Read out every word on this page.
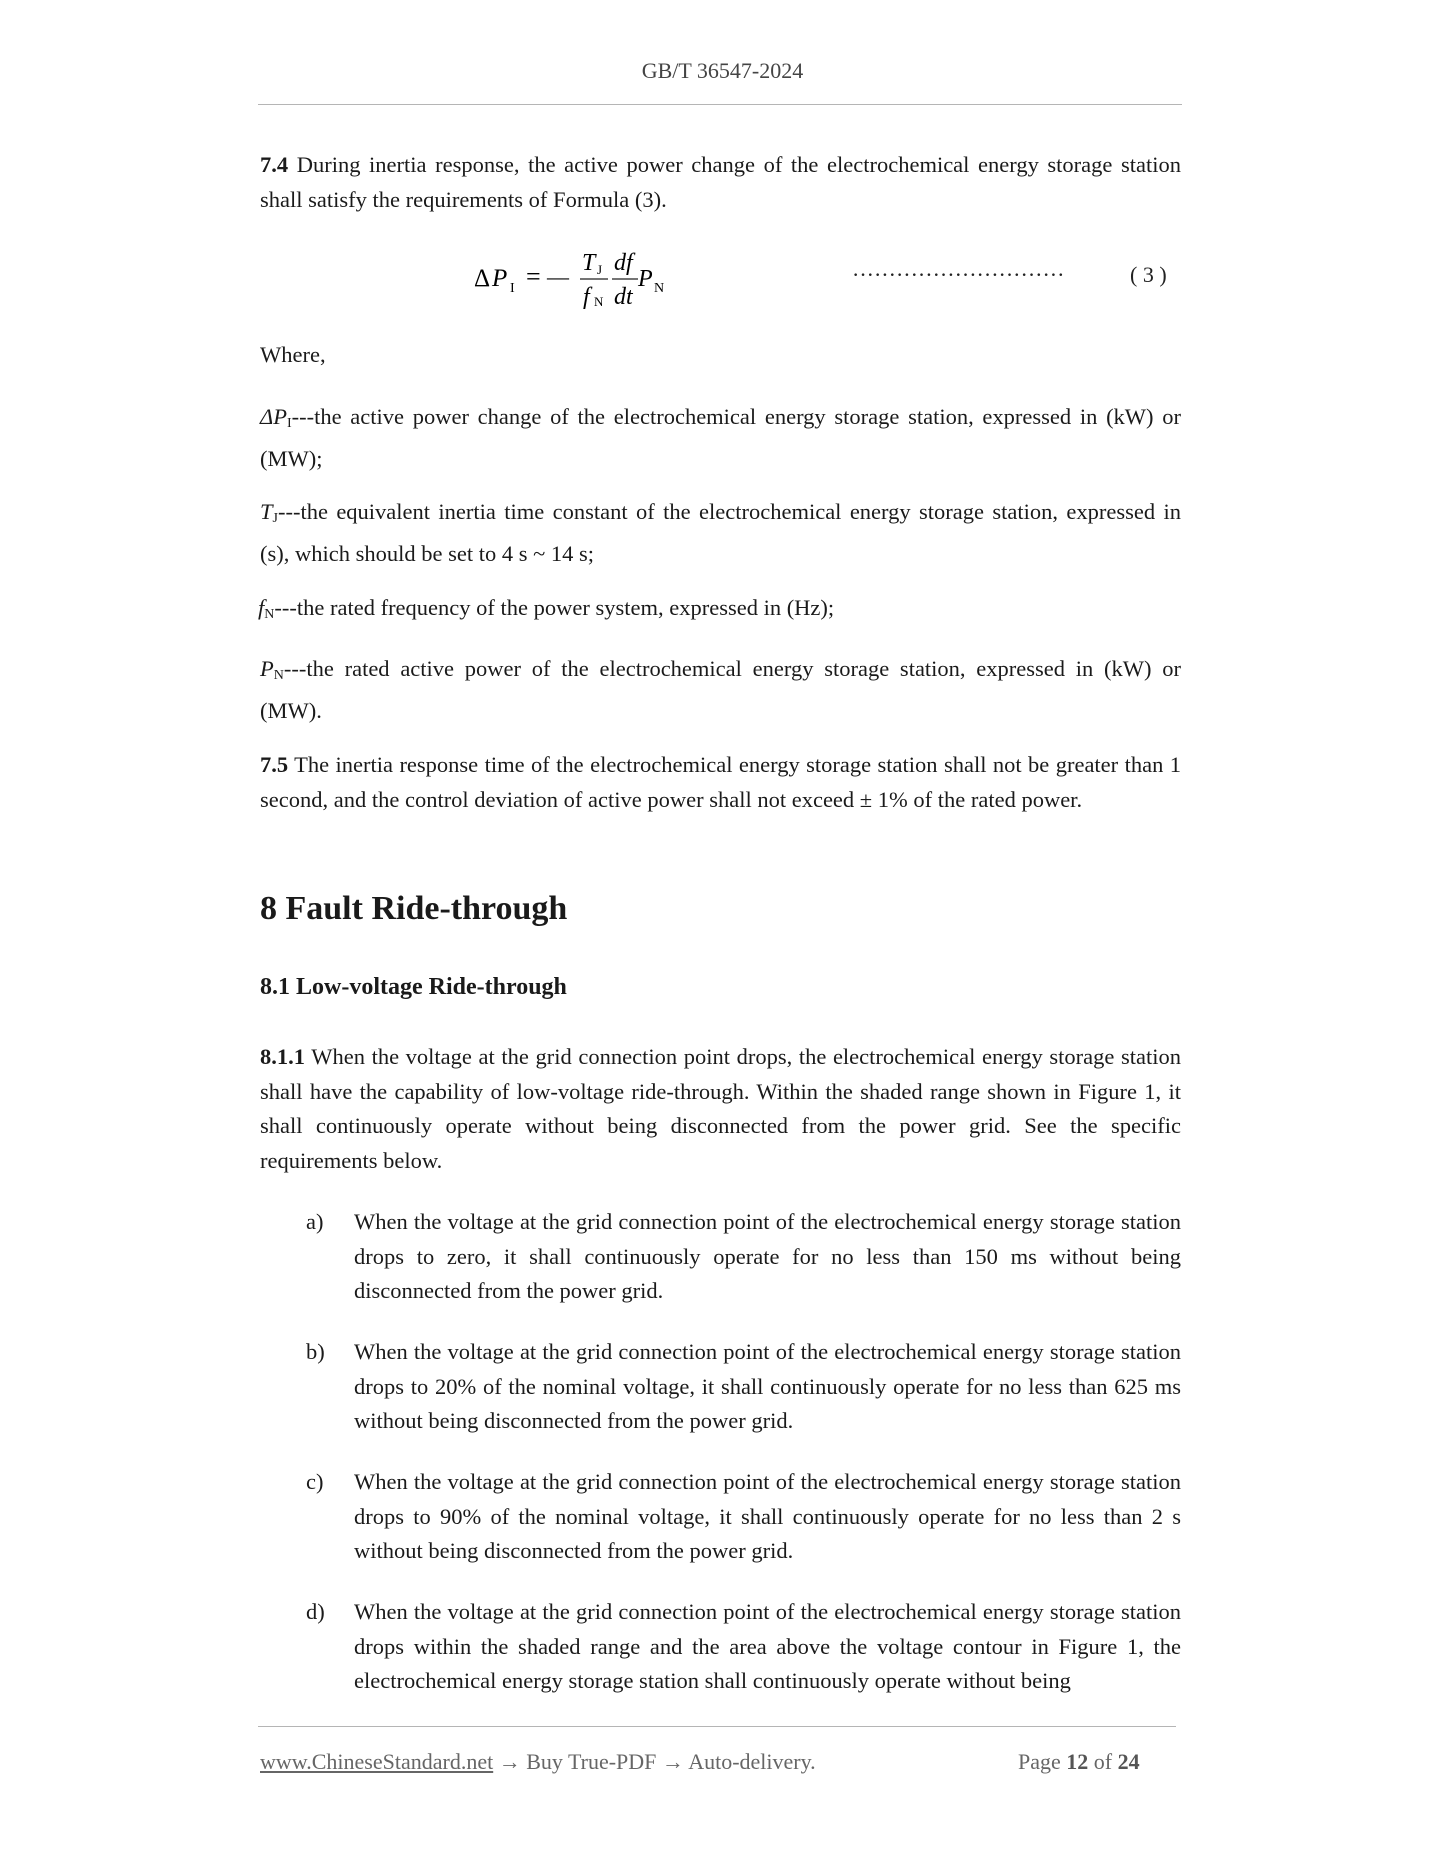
GB/T 36547-2024
7.4 During inertia response, the active power change of the electrochemical energy storage station shall satisfy the requirements of Formula (3).
Δ P I = —
T J df
f N dt
P N
·····························	( 3 )
Where,
$\Delta P_I--$-the active power change of the electrochemical energy storage station, expressed in (kW) or (MW);
$T_J--$-the equivalent inertia time constant of the electrochemical energy storage station, expressed in (s), which should be set to 4 s ~ 14 s;
$f_N--$-the rated frequency of the power system, expressed in (Hz);
$P_N--$-the rated active power of the electrochemical energy storage station, expressed in (kW) or (MW).
7.5 The inertia response time of the electrochemical energy storage station shall not be greater than 1 second, and the control deviation of active power shall not exceed ± 1% of the rated power.
8 Fault Ride-through
8.1 Low-voltage Ride-through
8.1.1 When the voltage at the grid connection point drops, the electrochemical energy storage station shall have the capability of low-voltage ride-through. Within the shaded range shown in Figure 1, it shall continuously operate without being disconnected from the power grid. See the specific requirements below.
a) When the voltage at the grid connection point of the electrochemical energy storage station drops to zero, it shall continuously operate for no less than 150 ms without being disconnected from the power grid.
b) When the voltage at the grid connection point of the electrochemical energy storage station drops to 20% of the nominal voltage, it shall continuously operate for no less than 625 ms without being disconnected from the power grid.
c) When the voltage at the grid connection point of the electrochemical energy storage station drops to 90% of the nominal voltage, it shall continuously operate for no less than 2 s without being disconnected from the power grid.
d) When the voltage at the grid connection point of the electrochemical energy storage station drops within the shaded range and the area above the voltage contour in Figure 1, the electrochemical energy storage station shall continuously operate without being
www.ChineseStandard.net → Buy True-PDF → Auto-delivery.	Page 12 of 24
